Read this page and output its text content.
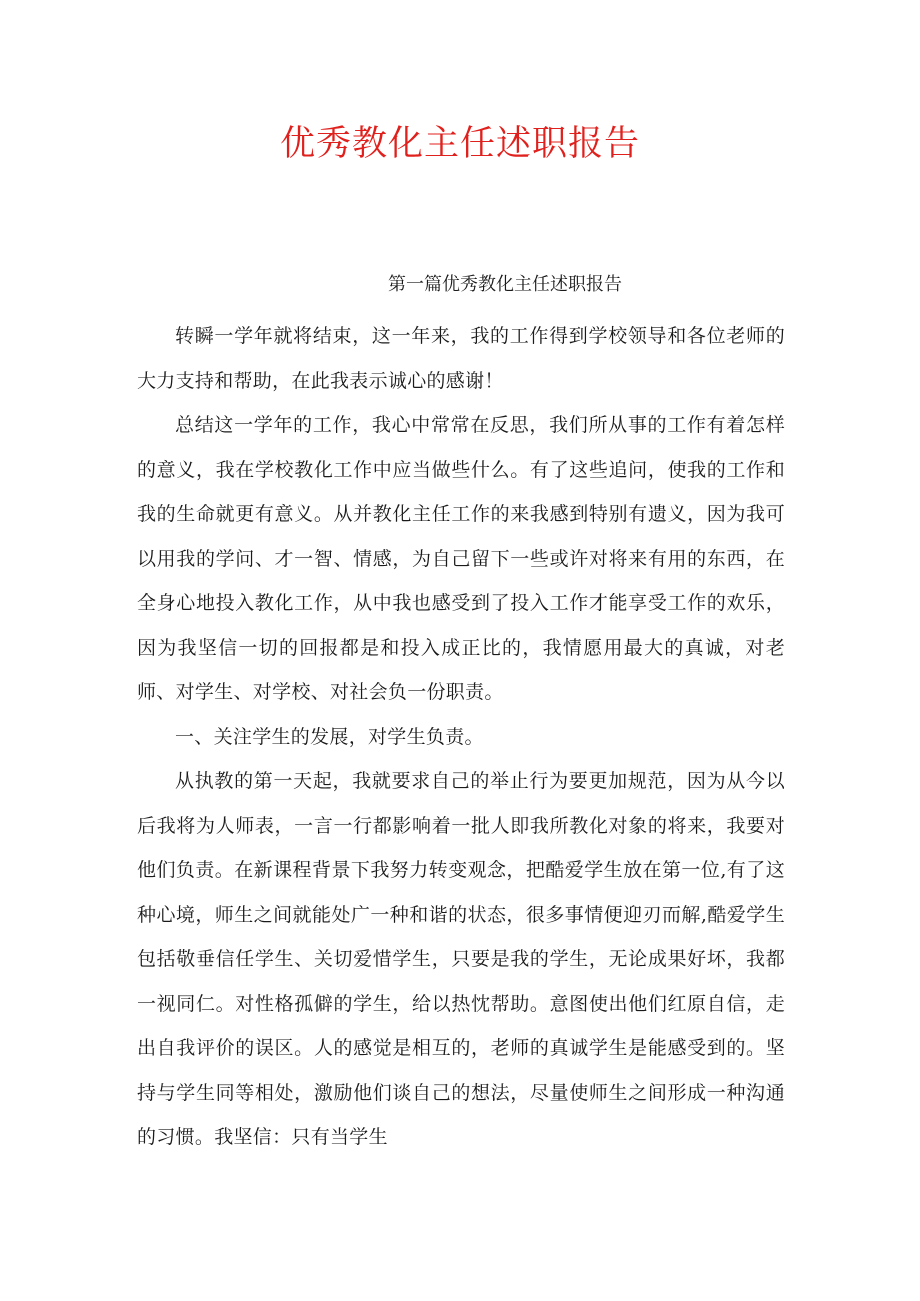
优秀教化主任述职报告
第一篇优秀教化主任述职报告

转瞬一学年就将结束，这一年来，我的工作得到学校领导和各位老师的大力支持和帮助，在此我表示诚心的感谢！

总结这一学年的工作，我心中常常在反思，我们所从事的工作有着怎样的意义，我在学校教化工作中应当做些什么。有了这些追问，使我的工作和我的生命就更有意义。从并教化主任工作的来我感到特别有遗义，因为我可以用我的学问、才一智、情感，为自己留下一些或许对将来有用的东西，在全身心地投入教化工作，从中我也感受到了投入工作才能享受工作的欢乐，因为我坚信一切的回报都是和投入成正比的，我情愿用最大的真诚，对老师、对学生、对学校、对社会负一份职责。

一、关注学生的发展，对学生负责。

从执教的第一天起，我就要求自己的举止行为要更加规范，因为从今以后我将为人师表，一言一行都影响着一批人即我所教化对象的将来，我要对他们负责。在新课程背景下我努力转变观念，把酷爱学生放在第一位,有了这种心境，师生之间就能处广一种和谐的状态，很多事情便迎刃而解,酷爱学生包括敬垂信任学生、关切爱惜学生，只要是我的学生，无论成果好坏，我都一视同仁。对性格孤僻的学生，给以热忱帮助。意图使出他们红原自信，走出自我评价的误区。人的感觉是相互的，老师的真诚学生是能感受到的。坚持与学生同等相处，激励他们谈自己的想法，尽量使师生之间形成一种沟通的习惯。我坚信：只有当学生
